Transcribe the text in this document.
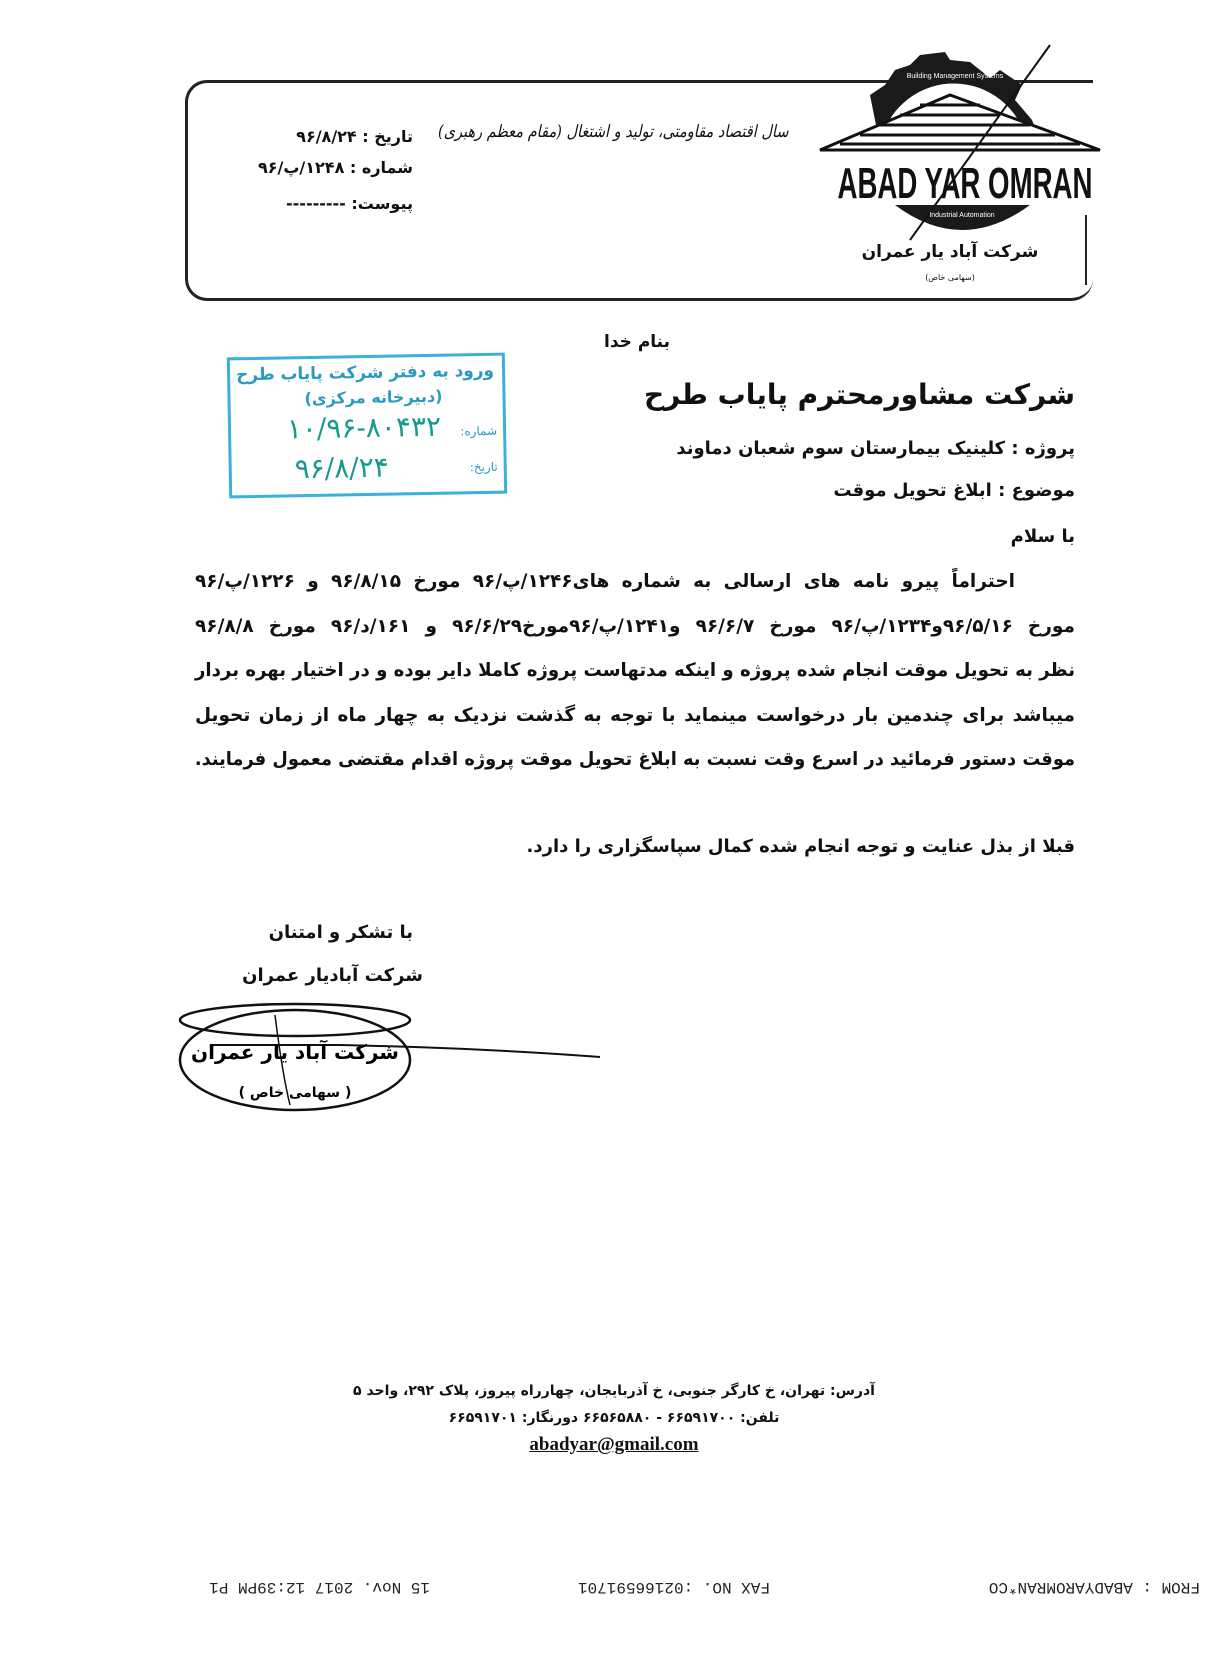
تاریخ : ۹۶/۸/۲۴
شماره : ۱۲۴۸/پ/۹۶
پیوست: ---------
سال اقتصاد مقاومتی، تولید و اشتغال (مقام معظم رهبری)
ABAD YAR OMRAN
Building Management Systems
Industrial Automation
شرکت آباد یار عمران
(سهامی خاص)
بنام خدا
ورود به دفتر شرکت پایاب طرح
(دبیرخانه مرکزی)
شماره:
۱۰/۹۶-۸۰۴۳۲
تاریخ:
۹۶/۸/۲۴
شرکت مشاورمحترم پایاب طرح
پروژه : کلینیک بیمارستان سوم شعبان دماوند
موضوع : ابلاغ تحویل موقت
با سلام

احتراماً پیرو نامه های ارسالی به شماره های۱۲۴۶/پ/۹۶ مورخ ۹۶/۸/۱۵ و ۱۲۲۶/پ/۹۶

مورخ ۹۶/۵/۱۶و۱۲۳۴/پ/۹۶ مورخ ۹۶/۶/۷ و۱۲۴۱/پ/۹۶مورخ۹۶/۶/۲۹ و ۱۶۱/د/۹۶ مورخ ۹۶/۸/۸

نظر به تحویل موقت انجام شده پروژه و اینکه مدتهاست پروژه کاملا دایر بوده و در اختیار بهره بردار

میباشد برای چندمین بار درخواست مینماید با توجه به گذشت نزدیک به چهار ماه از زمان تحویل

موقت دستور فرمائید در اسرع وقت نسبت به ابلاغ تحویل موقت پروژه اقدام مقتضی معمول فرمایند.

قبلا از بذل عنایت و توجه انجام شده کمال سپاسگزاری را دارد.
با تشکر و امتنان
شرکت آبادیار عمران
شرکت آباد یار عمران
( سهامی خاص )
آدرس: تهران، خ کارگر جنوبی، خ آذربایجان، چهارراه پیروز، پلاک ۲۹۲، واحد ۵
تلفن: ۶۶۵۹۱۷۰۰ - ۶۶۵۶۵۸۸۰ دورنگار: ۶۶۵۹۱۷۰۱
abadyar@gmail.com
FROM : ABADYAROMRAN*CO
FAX NO. :02166591701
15 Nov. 2017 12:39PM P1
